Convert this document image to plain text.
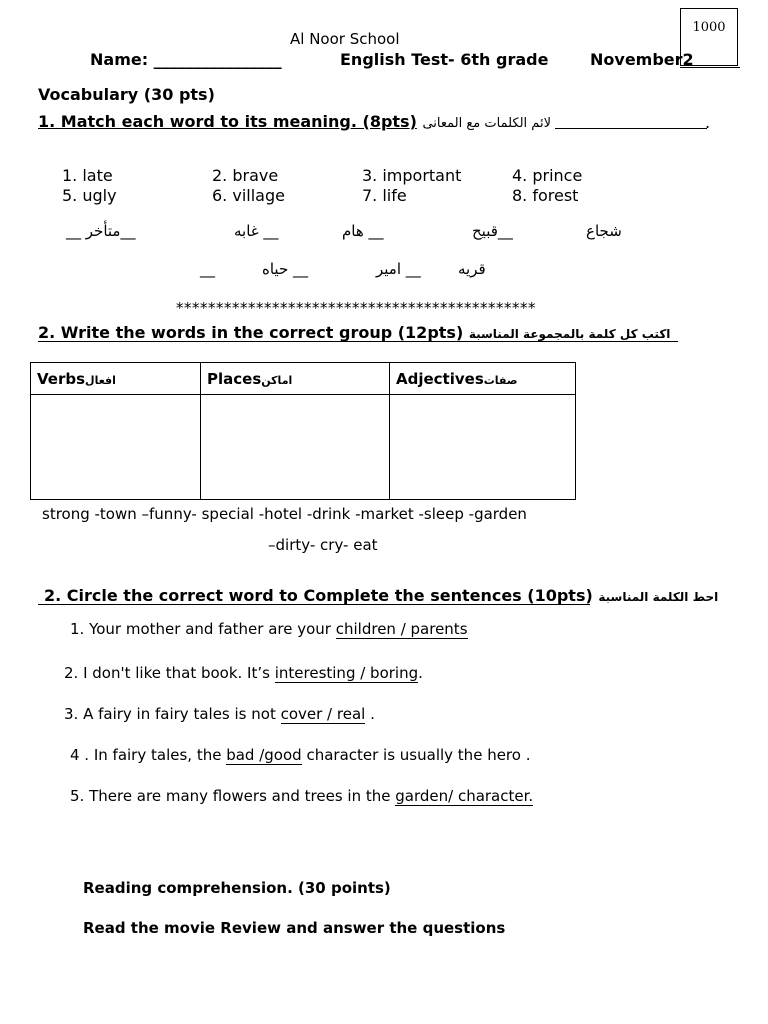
Al Noor School
Name: ________________	English Test- 6th grade	November2
1000
Vocabulary (30 pts)
1. Match each word to its meaning. (8pts) لائم الكلمات مع المعانى	.
1. late	2. brave	3. important	4. prince
5. ugly	6. village	7. life	8. forest
شجاع
__قبيح
__ هام
__ غابه
__متأخر __
قريه
__ امير
__ حياه
__
*********************************************
2. Write the words in the correct group (12pts) اكتب كل كلمة بالمجموعة المناسبة
Verbsافعال	Placesاماكن	Adjectivesصفات

strong -town –funny- special -hotel -drink -market -sleep -garden
–dirty- cry- eat
2. Circle the correct word to Complete the sentences (10pts) احط الكلمة المناسبة
1. Your mother and father are your children / parents
2. I don't like that book. It’s interesting / boring.
3. A fairy in fairy tales is not cover / real .
4 . In fairy tales, the bad /good character is usually the hero .
5. There are many flowers and trees in the garden/ character.
Reading comprehension. (30 points)
Read the movie Review and answer the questions
